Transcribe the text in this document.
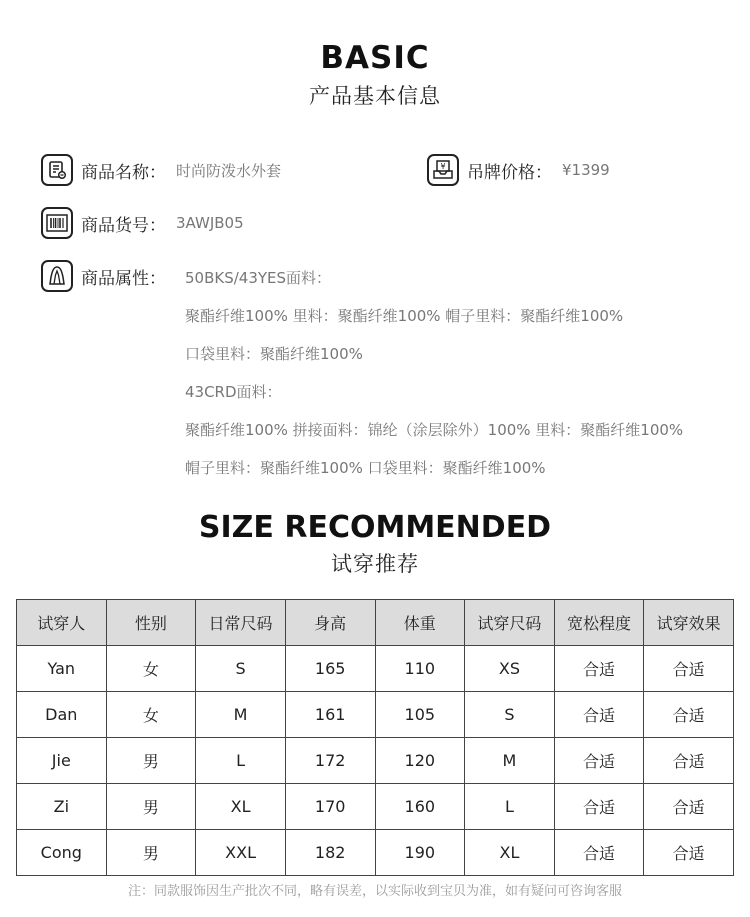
BASIC
产品基本信息
商品名称： 时尚防泼水外套	¥ 吊牌价格： ¥1399
商品货号： 3AWJB05
商品属性： 50BKS/43YES面料：
聚酯纤维100% 里料：聚酯纤维100% 帽子里料：聚酯纤维100%
口袋里料：聚酯纤维100%
43CRD面料：
聚酯纤维100% 拼接面料：锦纶（涂层除外）100% 里料：聚酯纤维100%
帽子里料：聚酯纤维100% 口袋里料：聚酯纤维100%
SIZE RECOMMENDED
试穿推荐
试穿人	性别	日常尺码	身高	体重	试穿尺码	宽松程度	试穿效果
Yan	女	S	165	110	XS	合适	合适
Dan	女	M	161	105	S	合适	合适
Jie	男	L	172	120	M	合适	合适
Zi	男	XL	170	160	L	合适	合适
Cong	男	XXL	182	190	XL	合适	合适
注：同款服饰因生产批次不同，略有误差，以实际收到宝贝为准，如有疑问可咨询客服
